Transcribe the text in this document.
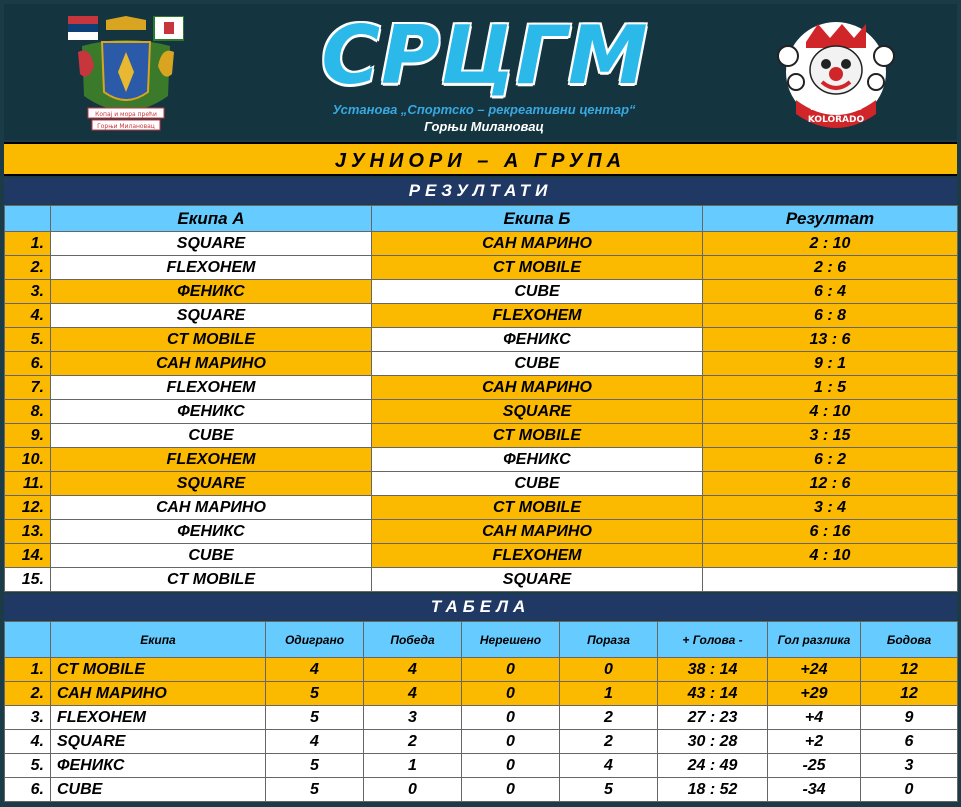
Копај и мора прећи
Горњи Милановац
СРЦГМ
Установа „Спортско – рекреативни центар“
Горњи Милановац
METALAC
KOLORADO
ЈУНИОРИ – А ГРУПА
РЕЗУЛТАТИ
	Екипа А	Екипа Б	Резултат
1.	SQUARE	САН МАРИНО	2 : 10
2.	FLEXOНЕМ	CT MOBILE	2 : 6
3.	ФЕНИКС	CUBE	6 : 4
4.	SQUARE	FLEXOНЕМ	6 : 8
5.	CT MOBILE	ФЕНИКС	13 : 6
6.	САН МАРИНО	CUBE	9 : 1
7.	FLEXOНЕМ	САН МАРИНО	1 : 5
8.	ФЕНИКС	SQUARE	4 : 10
9.	CUBE	CT MOBILE	3 : 15
10.	FLEXOНЕМ	ФЕНИКС	6 : 2
11.	SQUARE	CUBE	12 : 6
12.	САН МАРИНО	CT MOBILE	3 : 4
13.	ФЕНИКС	САН МАРИНО	6 : 16
14.	CUBE	FLEXOНЕМ	4 : 10
15.	CT MOBILE	SQUARE	
ТАБЕЛА
	Екипа	Одиграно	Победа	Нерешено	Пораза	+ Голова -	Гол разлика	Бодова
1.	CT MOBILE	4	4	0	0	38 : 14	+24	12
2.	САН МАРИНО	5	4	0	1	43 : 14	+29	12
3.	FLEXOНЕМ	5	3	0	2	27 : 23	+4	9
4.	SQUARE	4	2	0	2	30 : 28	+2	6
5.	ФЕНИКС	5	1	0	4	24 : 49	-25	3
6.	CUBE	5	0	0	5	18 : 52	-34	0
